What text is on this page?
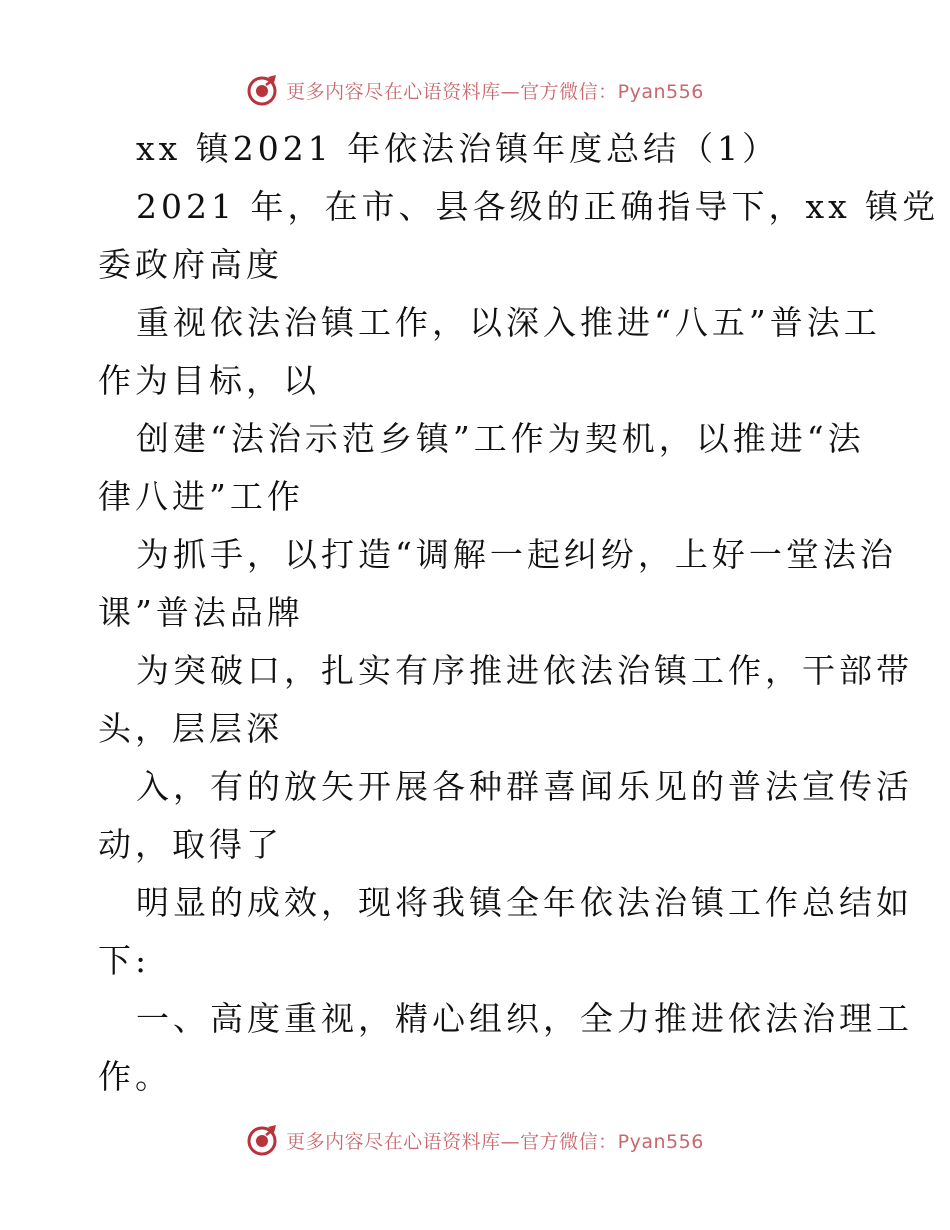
更多内容尽在心语资料库—官方微信：Pyan556
xx 镇2021 年依法治镇年度总结（1）
2021 年，在市、县各级的正确指导下，xx 镇党
委政府高度
重视依法治镇工作，以深入推进“八五”普法工
作为目标，以
创建“法治示范乡镇”工作为契机，以推进“法
律八进”工作
为抓手，以打造“调解一起纠纷，上好一堂法治
课”普法品牌
为突破口，扎实有序推进依法治镇工作，干部带
头，层层深
入，有的放矢开展各种群喜闻乐见的普法宣传活
动，取得了
明显的成效，现将我镇全年依法治镇工作总结如
下:
一、高度重视，精心组织，全力推进依法治理工
作。
更多内容尽在心语资料库—官方微信：Pyan556
